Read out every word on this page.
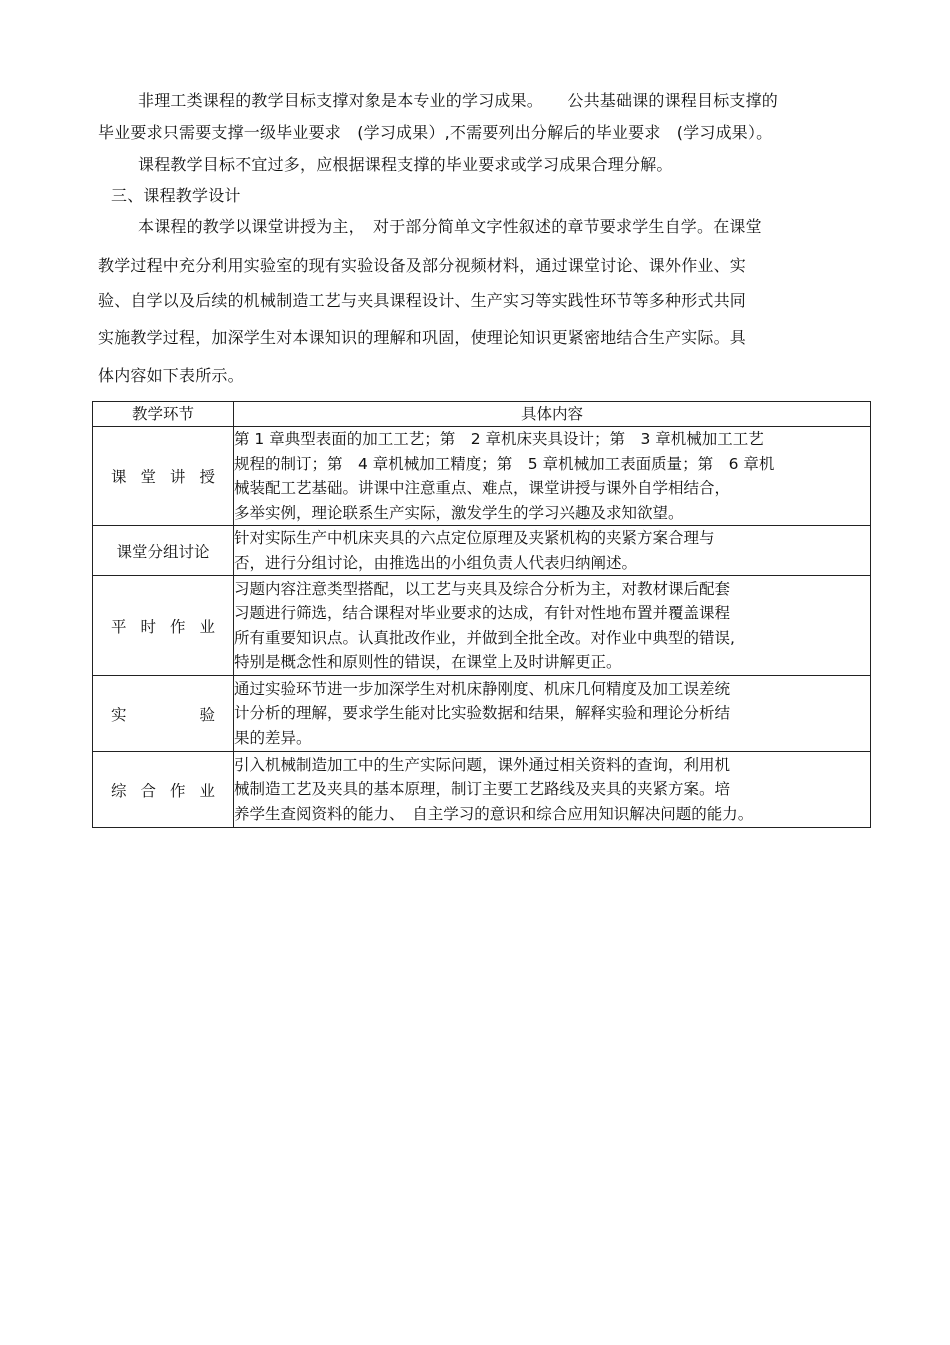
非理工类课程的教学目标支撑对象是本专业的学习成果。　　公共基础课的课程目标支撑的
毕业要求只需要支撑一级毕业要求　(学习成果）,不需要列出分解后的毕业要求　(学习成果）。
课程教学目标不宜过多，应根据课程支撑的毕业要求或学习成果合理分解。
三、课程教学设计
本课程的教学以课堂讲授为主，　对于部分简单文字性叙述的章节要求学生自学。在课堂
教学过程中充分利用实验室的现有实验设备及部分视频材料，通过课堂讨论、课外作业、实
验、自学以及后续的机械制造工艺与夹具课程设计、生产实习等实践性环节等多种形式共同
实施教学过程，加深学生对本课知识的理解和巩固，使理论知识更紧密地结合生产实际。具
体内容如下表所示。
教学环节	具体内容
课堂讲授	第 1 章典型表面的加工工艺；第　2 章机床夹具设计；第　3 章机械加工工艺
规程的制订；第　4 章机械加工精度；第　5 章机械加工表面质量；第　6 章机
械装配工艺基础。讲课中注意重点、难点，课堂讲授与课外自学相结合，
多举实例，理论联系生产实际，激发学生的学习兴趣及求知欲望。

课堂分组讨论	针对实际生产中机床夹具的六点定位原理及夹紧机构的夹紧方案合理与
否，进行分组讨论，由推选出的小组负责人代表归纳阐述。

平时作业	习题内容注意类型搭配，以工艺与夹具及综合分析为主，对教材课后配套
习题进行筛选，结合课程对毕业要求的达成，有针对性地布置并覆盖课程
所有重要知识点。认真批改作业，并做到全批全改。对作业中典型的错误,
特别是概念性和原则性的错误，在课堂上及时讲解更正。

实验	通过实验环节进一步加深学生对机床静刚度、机床几何精度及加工误差统
计分析的理解，要求学生能对比实验数据和结果，解释实验和理论分析结
果的差异。

综合作业	引入机械制造加工中的生产实际问题，课外通过相关资料的查询，利用机
械制造工艺及夹具的基本原理，制订主要工艺路线及夹具的夹紧方案。培
养学生查阅资料的能力、　自主学习的意识和综合应用知识解决问题的能力。
